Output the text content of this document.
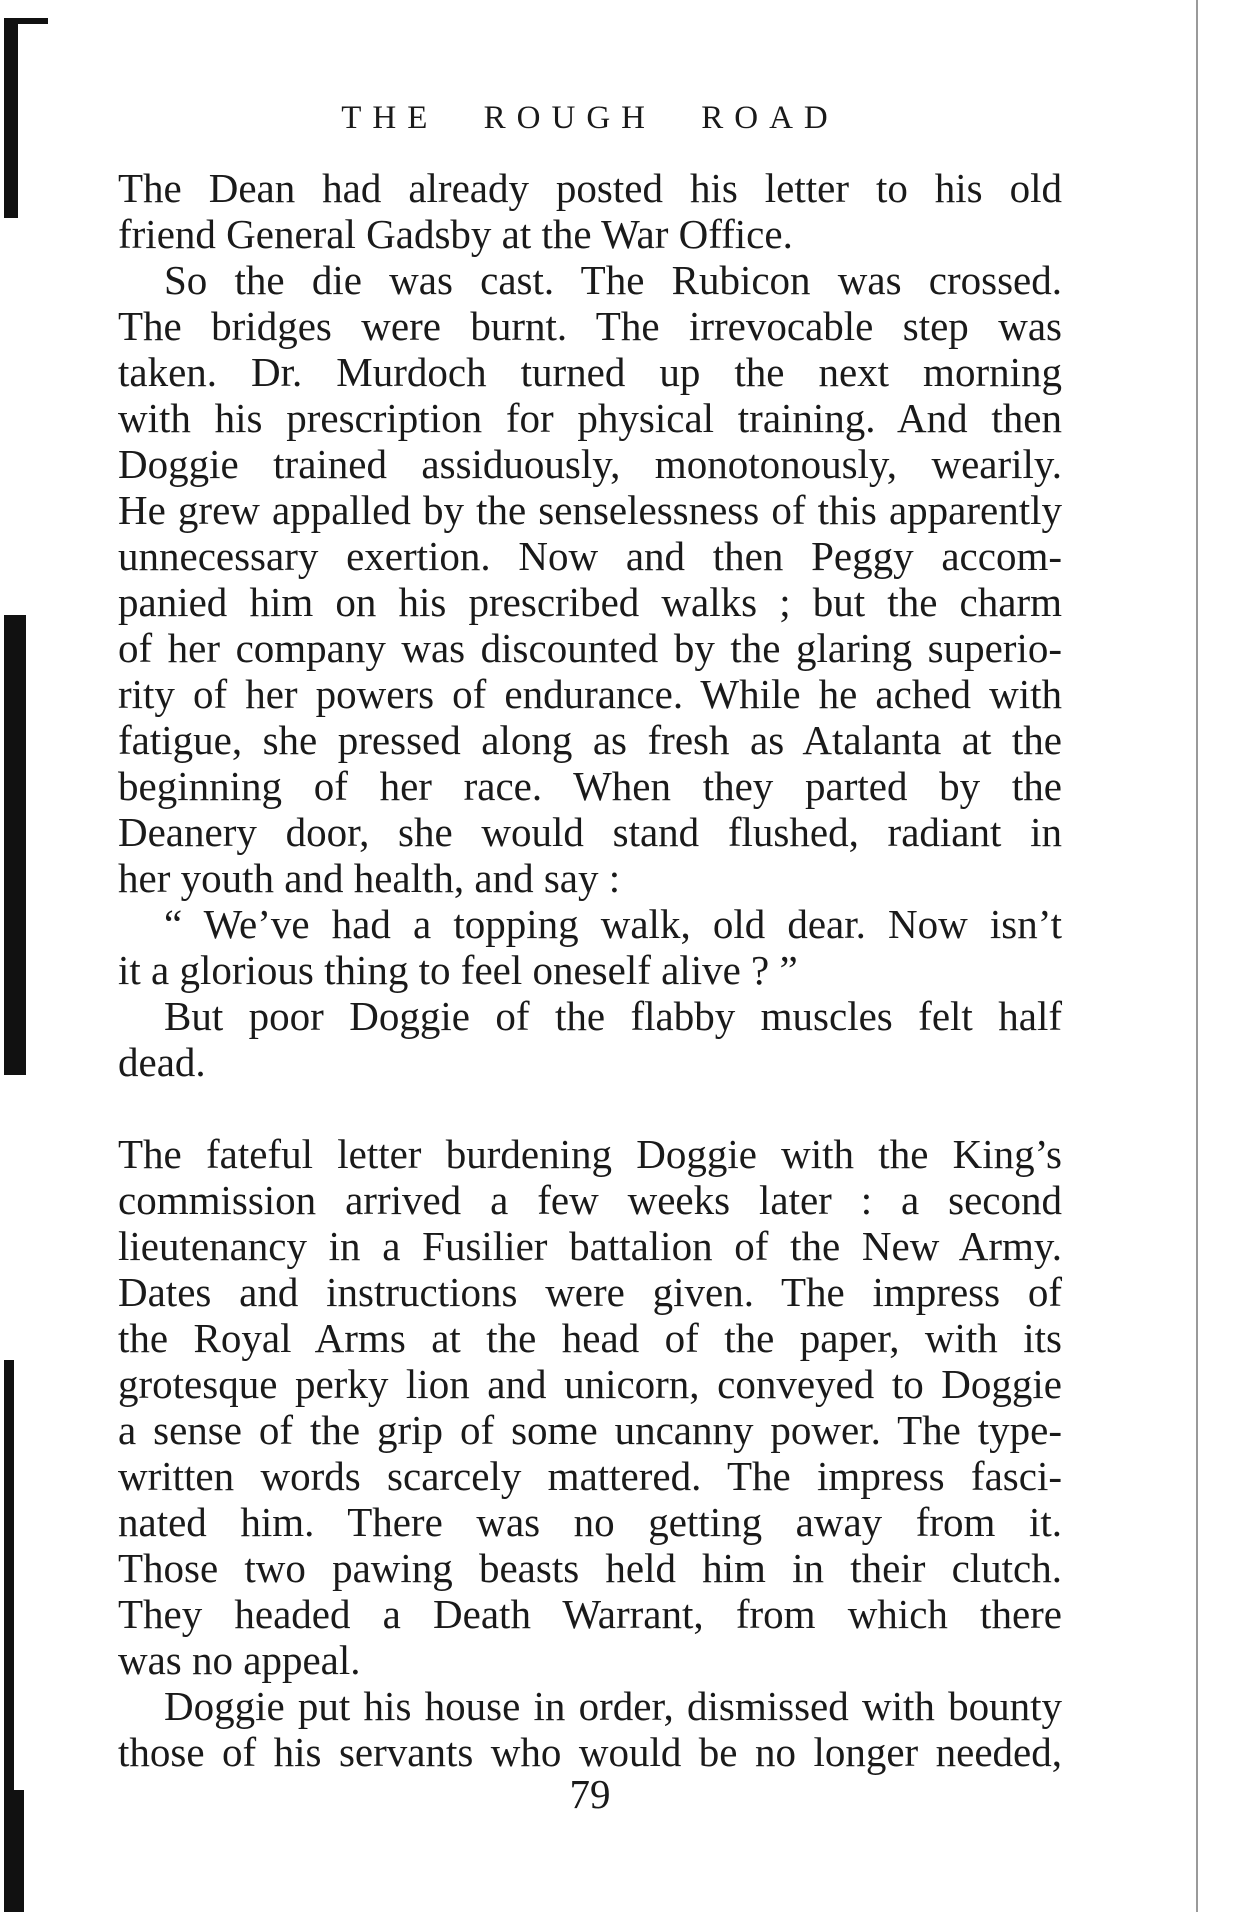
THE ROUGH ROAD
The Dean had already posted his letter to his old
friend General Gadsby at the War Office.
So the die was cast. The Rubicon was crossed.
The bridges were burnt. The irrevocable step was
taken. Dr. Murdoch turned up the next morning
with his prescription for physical training. And then
Doggie trained assiduously, monotonously, wearily.
He grew appalled by the senselessness of this apparently
unnecessary exertion. Now and then Peggy accom-
panied him on his prescribed walks ; but the charm
of her company was discounted by the glaring superio-
rity of her powers of endurance. While he ached with
fatigue, she pressed along as fresh as Atalanta at the
beginning of her race. When they parted by the
Deanery door, she would stand flushed, radiant in
her youth and health, and say :
“ We’ve had a topping walk, old dear. Now isn’t
it a glorious thing to feel oneself alive ? ”
But poor Doggie of the flabby muscles felt half
dead.
The fateful letter burdening Doggie with the King’s
commission arrived a few weeks later : a second
lieutenancy in a Fusilier battalion of the New Army.
Dates and instructions were given. The impress of
the Royal Arms at the head of the paper, with its
grotesque perky lion and unicorn, conveyed to Doggie
a sense of the grip of some uncanny power. The type-
written words scarcely mattered. The impress fasci-
nated him. There was no getting away from it.
Those two pawing beasts held him in their clutch.
They headed a Death Warrant, from which there
was no appeal.
Doggie put his house in order, dismissed with bounty
those of his servants who would be no longer needed,
79
